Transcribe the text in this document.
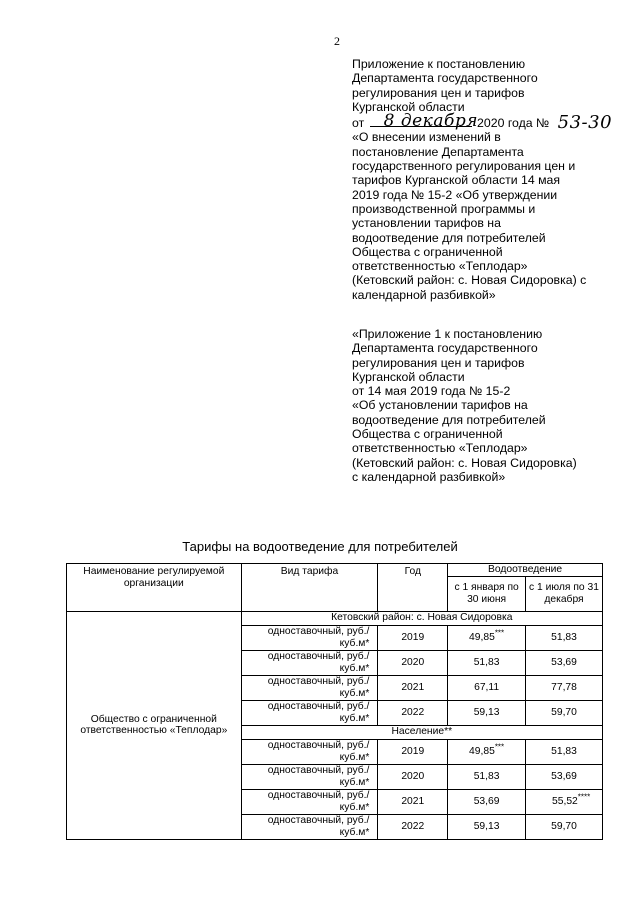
2
Приложение к постановлению
Департамента государственного
регулирования цен и тарифов
Курганской области
от 8 декабря 2020 года № 53-30
«О внесении изменений в
постановление Департамента
государственного регулирования цен и
тарифов Курганской области 14 мая
2019 года № 15-2 «Об утверждении
производственной программы и
установлении тарифов на
водоотведение для потребителей
Общества с ограниченной
ответственностью «Теплодар»
(Кетовский район: с. Новая Сидоровка) с
календарной разбивкой»
«Приложение 1 к постановлению
Департамента государственного
регулирования цен и тарифов
Курганской области
от 14 мая 2019 года № 15-2
«Об установлении тарифов на
водоотведение для потребителей
Общества с ограниченной
ответственностью «Теплодар»
(Кетовский район: с. Новая Сидоровка)
с календарной разбивкой»
Тарифы на водоотведение для потребителей
Наименование регулируемой организации	Вид тарифа	Год	Водоотведение	
			с 1 января по 30 июня	с 1 июля по 31 декабря
Общество с ограниченной ответственностью «Теплодар»	Кетовский район: с. Новая Сидоровка			
	одноставочный, руб./куб.м*	2019	49,85***	51,83
	одноставочный, руб./куб.м*	2020	51,83	53,69
	одноставочный, руб./куб.м*	2021	67,11	77,78
	одноставочный, руб./куб.м*	2022	59,13	59,70
	Население**			
	одноставочный, руб./куб.м*	2019	49,85***	51,83
	одноставочный, руб./куб.м*	2020	51,83	53,69
	одноставочный, руб./куб.м*	2021	53,69	55,52****
	одноставочный, руб./куб.м*	2022	59,13	59,70
